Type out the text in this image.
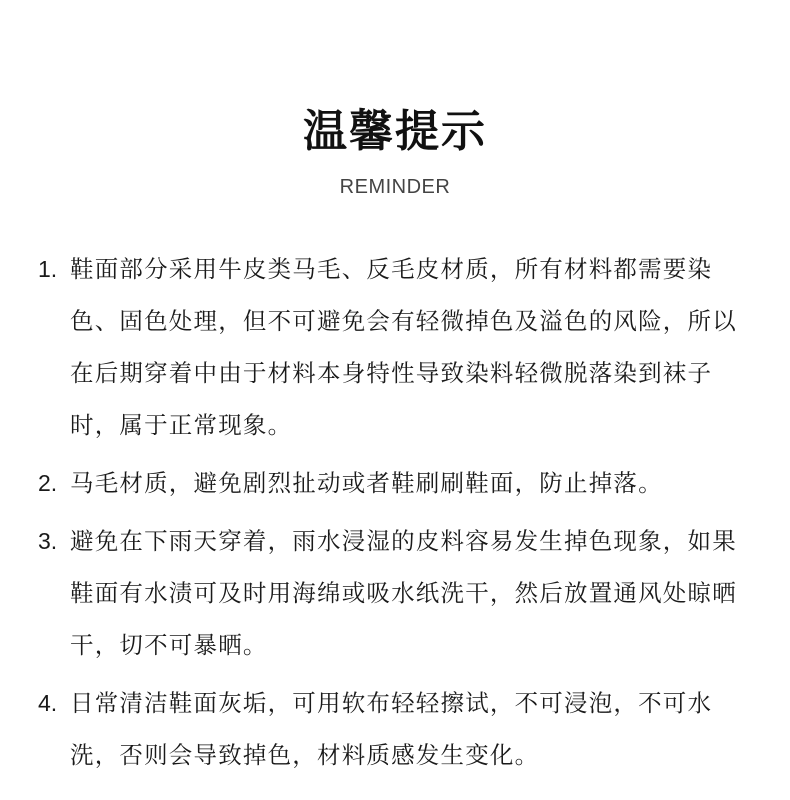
温馨提示
REMINDER
1. 鞋面部分采用牛皮类马毛、反毛皮材质，所有材料都需要染色、固色处理，但不可避免会有轻微掉色及溢色的风险，所以在后期穿着中由于材料本身特性导致染料轻微脱落染到袜子时，属于正常现象。
2. 马毛材质，避免剧烈扯动或者鞋刷刷鞋面，防止掉落。
3. 避免在下雨天穿着，雨水浸湿的皮料容易发生掉色现象，如果鞋面有水渍可及时用海绵或吸水纸洗干，然后放置通风处晾晒干，切不可暴晒。
4. 日常清洁鞋面灰垢，可用软布轻轻擦试，不可浸泡，不可水洗，否则会导致掉色，材料质感发生变化。
